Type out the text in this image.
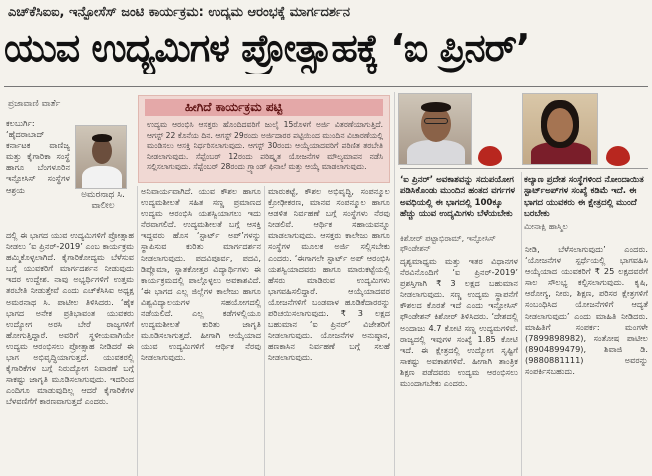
ಎಚ್‌ಕೆಸಿಐಐ, ಇನ್ಫೋಸೆಸ್ ಜಂಟಿ ಕಾರ್ಯಕ್ರಮ: ಉದ್ಯಮ ಆರಂಭಕ್ಕೆ ಮಾರ್ಗದರ್ಶನ
ಯುವ ಉದ್ಯಮಿಗಳ ಪ್ರೋತ್ಸಾಹಕ್ಕೆ ‘ಐ ಪ್ರಿನರ್’
ಪ್ರಜಾವಾಣಿ ವಾರ್ತೆ
ಅಮರನಾಥ ಸಿ.
ವಾಲೀಲ
ಕಲಬುರ್ಗಿ: ‘ಹೈದರಾಬಾದ್ ಕರ್ನಾಟಕ ವಾಣಿಜ್ಯ ಮತ್ತು ಕೈಗಾರಿಕಾ ಸಂಸ್ಥೆ ಹಾಗೂ ಬೆಂಗಳೂರಿನ ಇನ್ಫೋಸಿಸ್ ಸಂಸ್ಥೆಗಳ ಆಶ್ರಯ
ದಲ್ಲಿ ಈ ಭಾಗದ ಯುವ ಉದ್ಯಮಿಗಳಿಗೆ ಪ್ರೋತ್ಸಾಹ ನೀಡಲು ‘ಐ ಪ್ರಿನರ್-2019’ ಎಂಬ ಕಾರ್ಯಕ್ರಮ ಹಮ್ಮಿಕೊಳ್ಳಲಾಗಿದೆ. ಕೈಗಾರಿಕೋದ್ಯಮ ಬೆಳೆಸುವ ಬಗ್ಗೆ ಯುವಕರಿಗೆ ಮಾರ್ಗದರ್ಶನ ನೀಡುವುದು ಇದರ ಉದ್ದೇಶ. ನಾವು ಅಭ್ಯರ್ಥಿಗಳಿಗೆ ಉತ್ತಮ ತರಬೇತಿ ನೀಡುತ್ತೇವೆ ಎಂದು ಎಚ್‌ಕೆಸಿಸಿಐ ಅಧ್ಯಕ್ಷ ಅಮರನಾಥ ಸಿ. ಪಾಟೀಲ ತಿಳಿಸಿದರು. ‘ಹೈಕ ಭಾಗದ ಅನೇಕ ಪ್ರತಿಭಾವಂತ ಯುವಕರು ಉದ್ಯೋಗ ಅರಸಿ ಬೇರೆ ರಾಜ್ಯಗಳಿಗೆ ಹೋಗುತ್ತಿದ್ದಾರೆ. ಅವರಿಗೆ ಸ್ಥಳೀಯವಾಗಿಯೇ ಉದ್ಯಮ ಆರಂಭಿಸಲು ಪ್ರೋತ್ಸಾಹ ನೀಡಿದರೆ ಈ ಭಾಗ ಅಭಿವೃದ್ಧಿಯಾಗುತ್ತದೆ. ಯುವಕರಲ್ಲಿ ಕೈಗಾರಿಕೆಗಳ ಬಗ್ಗೆ ನಿರುದ್ಯೋಗ ನಿವಾರಣೆ ಬಗ್ಗೆ ಸಾಕಷ್ಟು ಜಾಗೃತಿ ಮೂಡಿಸಲಾಗುವುದು. ಇದರಿಂದ ಎಂದಿಗೂ ಮಾಡುವುದಿಲ್ಲ ಆದರೆ ಕೈಗಾರಿಕೆಗಳ ಬೆಳವಣಿಗೆಗೆ ಕಾರಣವಾಗುತ್ತದೆ ಎಂದರು.
ಹೀಗಿದೆ ಕಾರ್ಯಕ್ರಮ ಪಟ್ಟಿ
ಉದ್ಯಮ ಆರಂಭಿಸಿ ಆಸಕ್ತರು ಹೊಂದಿದವರಿಗೆ ಜುಲೈ 15ರೊಳಗೆ ಅರ್ಜಿ ವಿತರಣೆಯಾಗುತ್ತಿದೆ. ಆಗಸ್ಟ್ 22 ಕೊನೆಯ ದಿನ. ಆಗಸ್ಟ್ 29ರಂದು ಅರ್ಜಿದಾರರ ಪಟ್ಟಿಯಿಂದ ಮುಂದಿನ ವಿಚಾರಣೆಯಲ್ಲಿ ಮಂಡಿಸಲು ಆಸಕ್ತಿ ನಿರ್ಧರಿಸಲಾಗುವುದು. ಆಗಸ್ಟ್ 30ರಂದು ಆಯ್ಕೆಯಾದವರಿಗೆ ಪರಿಣಿತ ತರಬೇತಿ ನೀಡಲಾಗುವುದು. ಸೆಪ್ಟೆಂಬರ್ 12ರಂದು ಪರಿಷ್ಕೃತ ಯೋಜನೆಗಳ ಮೌಲ್ಯಮಾಪನ ನಡೆಸಿ ಸಲ್ಲಿಸಲಾಗುವುದು. ಸೆಪ್ಟೆಂಬರ್ 28ರಂದು ಗ್ರ್ಯಾಂಡ್ ಫಿನಾಲೆ ಮತ್ತು ಆಯ್ಕೆ ಮಾಡಲಾಗುವುದು.
ಅನಿವಾರ್ಯವಾಗಿದೆ. ಯುವ ಕೌಶಲ ಹಾಗೂ ಉದ್ಯಮಶೀಲತೆ ಸಹಿತ ಸಣ್ಣ ಪ್ರಮಾಣದ ಉದ್ಯಮ ಆರಂಭಿಸಿ ಯಶಸ್ವಿಯಾಗಲು ಇದು ನೆರವಾಗಲಿದೆ. ಉದ್ಯಮಶೀಲತೆ ಬಗ್ಗೆ ಆಸಕ್ತಿ ಇದ್ದವರು ಹೊಸ ‘ಸ್ಟಾರ್ಟ್ ಅಪ್’ಗಳನ್ನು ಸ್ಥಾಪಿಸುವ ಕುರಿತು ಮಾರ್ಗದರ್ಶನ ನೀಡಲಾಗುವುದು. ಪದವಿಪೂರ್ವ, ಪದವಿ, ಡಿಪ್ಲೊಮಾ, ಸ್ನಾತಕೋತ್ತರ ವಿದ್ಯಾರ್ಥಿಗಳು ಈ ಕಾರ್ಯಕ್ರಮದಲ್ಲಿ ಪಾಲ್ಗೊಳ್ಳಲು ಅವಕಾಶವಿದೆ. ‘ಈ ಭಾಗದ ಎಲ್ಲ ಜಿಲ್ಲೆಗಳ ಕಾಲೇಜು ಹಾಗೂ ವಿಶ್ವವಿದ್ಯಾಲಯಗಳ ಸಹಯೋಗದಲ್ಲಿ ನಡೆಯಲಿದೆ. ಎಲ್ಲ ಕಡೆಗಳಲ್ಲಿಯೂ ಉದ್ಯಮಶೀಲತೆ ಕುರಿತು ಜಾಗೃತಿ ಮೂಡಿಸಲಾಗುತ್ತದೆ. ಹೀಗಾಗಿ ಆಯ್ಕೆಯಾದ ಯುವ ಉದ್ಯಮಿಗಳಿಗೆ ಆರ್ಥಿಕ ನೆರವು ನೀಡಲಾಗುವುದು.
ಮಾರುಕಟ್ಟೆ, ಕೌಶಲ ಅಭಿವೃದ್ಧಿ, ಸಂಪನ್ಮೂಲ ಕ್ರೋಢೀಕರಣ, ಮಾನವ ಸಂಪನ್ಮೂಲ ಹಾಗೂ ಆಡಳಿತ ನಿರ್ವಹಣೆ ಬಗ್ಗೆ ಸಂಸ್ಥೆಗಳು ನೆರವು ನೀಡಲಿವೆ. ಆರ್ಥಿಕ ಸಹಾಯವನ್ನೂ ಮಾಡಲಾಗುವುದು. ಆಸಕ್ತರು ಕಾಲೇಜು ಹಾಗೂ ಸಂಸ್ಥೆಗಳ ಮೂಲಕ ಅರ್ಜಿ ಸಲ್ಲಿಸಬೇಕು ಎಂದರು. ‘ಈಗಾಗಲೇ ಸ್ಟಾರ್ಟ್ ಅಪ್ ಆರಂಭಿಸಿ ಯಶಸ್ವಿಯಾದವರು ಹಾಗೂ ಮಾರುಕಟ್ಟೆಯಲ್ಲಿ ಹೆಸರು ಮಾಡಿರುವ ಉದ್ಯಮಿಗಳು ಭಾಗವಹಿಸಲಿದ್ದಾರೆ. ಆಯ್ಕೆಯಾದವರ ಯೋಜನೆಗಳಿಗೆ ಬಂಡವಾಳ ಹೂಡಿಕೆದಾರರನ್ನು ಪರಿಚಯಿಸಲಾಗುವುದು. ₹ 3 ಲಕ್ಷದ ಬಹುಮಾನ ‘ಐ ಪ್ರಿನರ್’ ವಿಜೇತರಿಗೆ ನೀಡಲಾಗುವುದು. ಯೋಜನೆಗಳ ಅನುಷ್ಠಾನ, ಹಣಕಾಸಿನ ನಿರ್ವಹಣೆ ಬಗ್ಗೆ ಸಲಹೆ ನೀಡಲಾಗುವುದು.
‘ಐ ಪ್ರಿನರ್’ ಅವಕಾಶವನ್ನು ಸದುಪಯೋಗ ಪಡಿಸಿಕೊಂಡು ಮುಂದಿನ ಹಂತದ ವರ್ಗಗಳ ಅವಧಿಯಲ್ಲಿ ಈ ಭಾಗದಲ್ಲಿ 100ಕ್ಕೂ ಹೆಚ್ಚು ಯುವ ಉದ್ಯಮಿಗಳು ಬೆಳೆಯಬೇಕು
ಕಿಶೋರ್ ಪಟ್ಟಾಭಿರಾಮ್, ಇನ್ಫೋಸಿಸ್ ಫೌಂಡೇಶನ್
ಕಲ್ಯಾಣ ಪ್ರದೇಶ ಸಂಸ್ಥೆಗಳಿಂದ ನೋಂದಾಯಿತ ಸ್ಟಾರ್ಟ್‌ಅಪ್‌ಗಳ ಸಂಖ್ಯೆ ಕಡಿಮೆ ಇದೆ. ಈ ಭಾಗದ ಯುವಕರು ಈ ಕ್ಷೇತ್ರದಲ್ಲಿ ಮುಂದೆ ಬರಬೇಕು
ಮೀನಾಕ್ಷಿ ಹಾಸ್ಮಿಲ
ದೃಶ್ಯಮಾಧ್ಯಮ ಮತ್ತು ಇತರ ವಿಧಾನಗಳ ನೆರವಿನೊಂದಿಗೆ ‘ಐ ಪ್ರಿನರ್-2019’ ಪ್ರಶಸ್ತಿಗಾಗಿ ₹ 3 ಲಕ್ಷದ ಬಹುಮಾನ ನೀಡಲಾಗುವುದು. ಸಣ್ಣ ಉದ್ಯಮ ಸ್ಥಾಪನೆಗೆ ಕೌಶಲದ ಕೊರತೆ ಇದೆ ಎಂದು ಇನ್ಫೋಸಿಸ್ ಫೌಂಡೇಶನ್ ಕಿಶೋರ್ ತಿಳಿಸಿದರು. ‘ದೇಶದಲ್ಲಿ ಅಂದಾಜು 4.7 ಕೋಟಿ ಸಣ್ಣ ಉದ್ಯಮಗಳಿವೆ. ರಾಜ್ಯದಲ್ಲಿ ಇವುಗಳ ಸಂಖ್ಯೆ 1.85 ಕೋಟಿ ಇದೆ. ಈ ಕ್ಷೇತ್ರದಲ್ಲಿ ಉದ್ಯೋಗ ಸೃಷ್ಟಿಗೆ ಸಾಕಷ್ಟು ಅವಕಾಶಗಳಿವೆ. ಹೀಗಾಗಿ ತಾಂತ್ರಿಕ ಶಿಕ್ಷಣ ಪಡೆದವರು ಉದ್ಯಮ ಆರಂಭಿಸಲು ಮುಂದಾಗಬೇಕು ಎಂದರು.
ನೀಡಿ, ಬೆಳೆಸಲಾಗುವುದು’ ಎಂದರು. ‘ಯೋಜನೆಗಳ ಸ್ಪರ್ಧೆಯಲ್ಲಿ ಭಾಗವಹಿಸಿ ಆಯ್ಕೆಯಾದ ಯುವಕರಿಗೆ ₹ 25 ಲಕ್ಷದವರೆಗೆ ಸಾಲ ಸೌಲಭ್ಯ ಕಲ್ಪಿಸಲಾಗುವುದು. ಕೃಷಿ, ಆರೋಗ್ಯ, ನೀರು, ಶಿಕ್ಷಣ, ಪರಿಸರ ಕ್ಷೇತ್ರಗಳಿಗೆ ಸಂಬಂಧಿಸಿದ ಯೋಜನೆಗಳಿಗೆ ಆದ್ಯತೆ ನೀಡಲಾಗುವುದು’ ಎಂದು ಮಾಹಿತಿ ನೀಡಿದರು. ಮಾಹಿತಿಗೆ ಸಂಪರ್ಕ: ಮಂಗಳೇ (7899898982), ಸಂತೋಷ ಪಾಟೀಲ (8904899479), ಶಿವಾಜಿ ಡಿ. (9880881111) ಅವರನ್ನು ಸಂಪರ್ಕಿಸಬಹುದು.
